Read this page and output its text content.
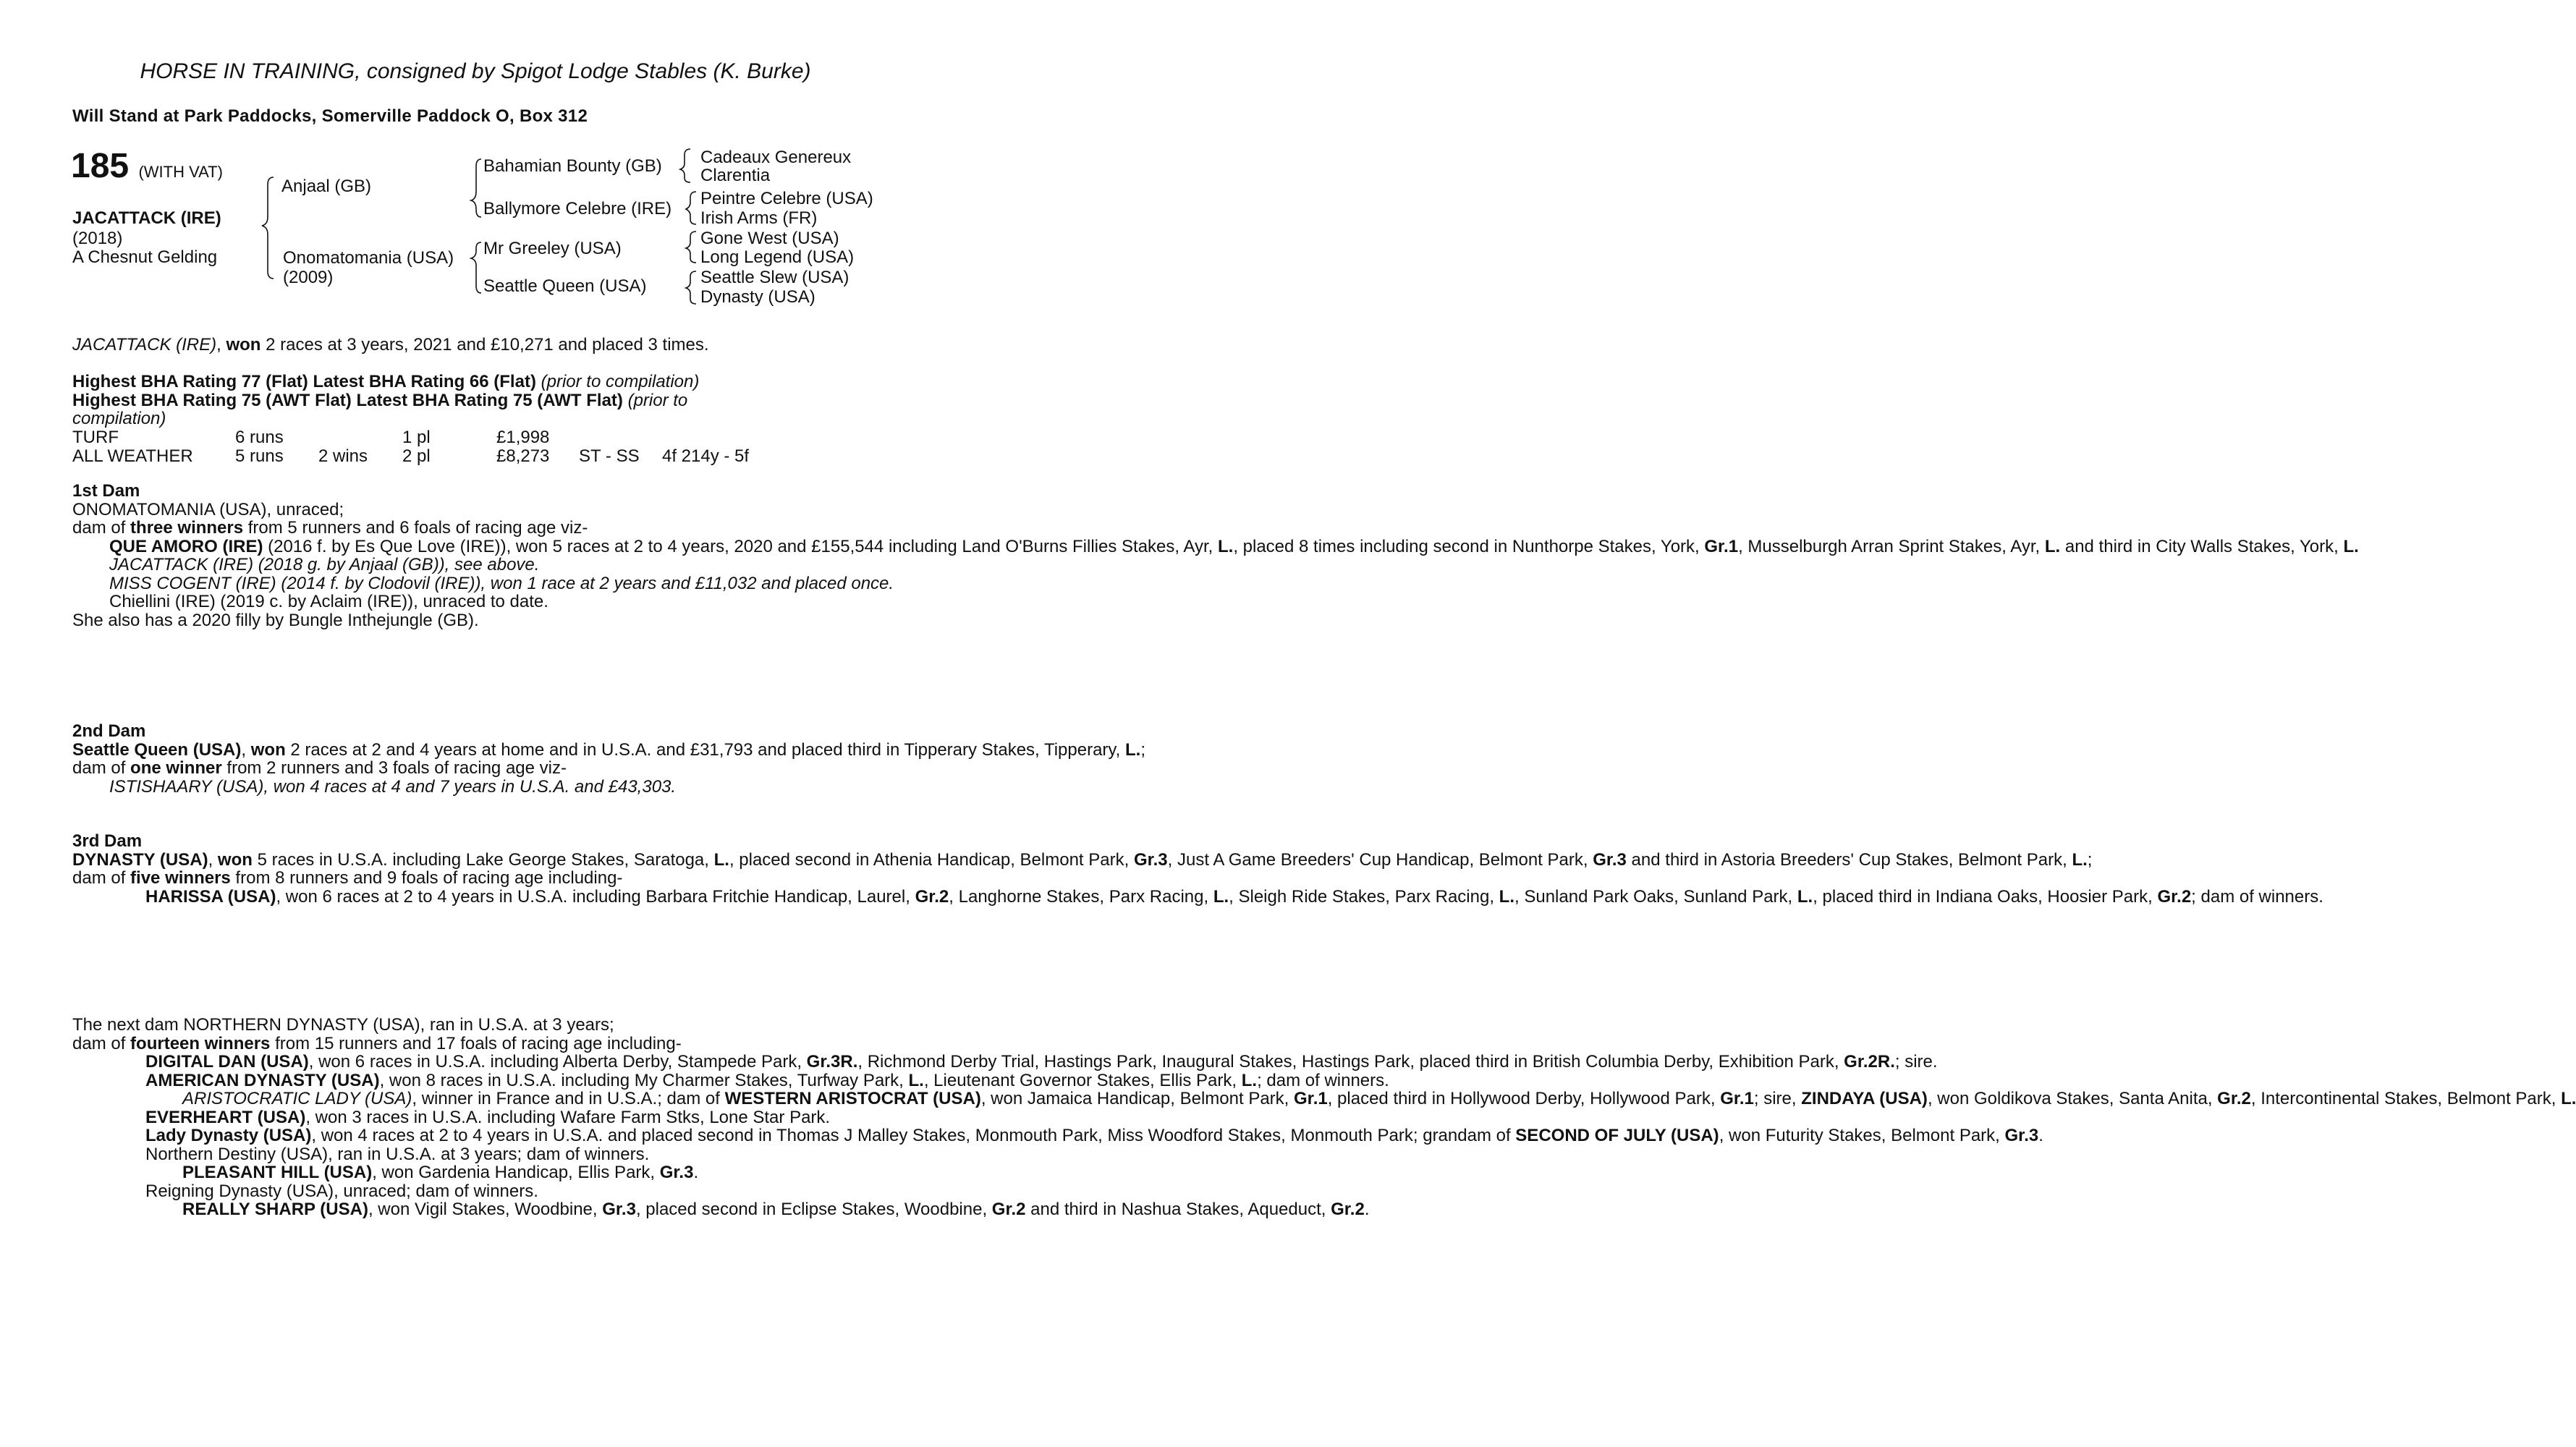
HORSE IN TRAINING, consigned by Spigot Lodge Stables (K. Burke)
Will Stand at Park Paddocks, Somerville Paddock O, Box 312
185 (WITH VAT)
JACATTACK (IRE)
(2018)
A Chesnut Gelding
Anjaal (GB)
Onomatomania (USA)
(2009)
Bahamian Bounty (GB)
Ballymore Celebre (IRE)
Mr Greeley (USA)
Seattle Queen (USA)
Cadeaux Genereux
Clarentia
Peintre Celebre (USA)
Irish Arms (FR)
Gone West (USA)
Long Legend (USA)
Seattle Slew (USA)
Dynasty (USA)
JACATTACK (IRE), won 2 races at 3 years, 2021 and £10,271 and placed 3 times.

Highest BHA Rating 77 (Flat) Latest BHA Rating 66 (Flat) (prior to compilation)

Highest BHA Rating 75 (AWT Flat) Latest BHA Rating 75 (AWT Flat) (prior to

compilation)

TURF	6 runs	1 pl	£1,998
ALL WEATHER 5 runs 2 wins 2 pl	£8,273 ST - SS 4f 214y - 5f

1st Dam

ONOMATOMANIA (USA), unraced;

dam of three winners from 5 runners and 6 foals of racing age viz-

QUE AMORO (IRE) (2016 f. by Es Que Love (IRE)), won 5 races at 2 to 4 years, 2020 and £155,544 including Land O'Burns Fillies Stakes, Ayr, L., placed 8 times including second in Nunthorpe Stakes, York, Gr.1, Musselburgh Arran Sprint Stakes, Ayr, L. and third in City Walls Stakes, York, L.

JACATTACK (IRE) (2018 g. by Anjaal (GB)), see above.

MISS COGENT (IRE) (2014 f. by Clodovil (IRE)), won 1 race at 2 years and £11,032 and placed once.

Chiellini (IRE) (2019 c. by Aclaim (IRE)), unraced to date.

She also has a 2020 filly by Bungle Inthejungle (GB).

2nd Dam

Seattle Queen (USA), won 2 races at 2 and 4 years at home and in U.S.A. and £31,793 and placed third in Tipperary Stakes, Tipperary, L.;

dam of one winner from 2 runners and 3 foals of racing age viz-

ISTISHAARY (USA), won 4 races at 4 and 7 years in U.S.A. and £43,303.

3rd Dam

DYNASTY (USA), won 5 races in U.S.A. including Lake George Stakes, Saratoga, L., placed second in Athenia Handicap, Belmont Park, Gr.3, Just A Game Breeders' Cup Handicap, Belmont Park, Gr.3 and third in Astoria Breeders' Cup Stakes, Belmont Park, L.;

dam of five winners from 8 runners and 9 foals of racing age including-

HARISSA (USA), won 6 races at 2 to 4 years in U.S.A. including Barbara Fritchie Handicap, Laurel, Gr.2, Langhorne Stakes, Parx Racing, L., Sleigh Ride Stakes, Parx Racing, L., Sunland Park Oaks, Sunland Park, L., placed third in Indiana Oaks, Hoosier Park, Gr.2; dam of winners.

The next dam NORTHERN DYNASTY (USA), ran in U.S.A. at 3 years;

dam of fourteen winners from 15 runners and 17 foals of racing age including-

DIGITAL DAN (USA), won 6 races in U.S.A. including Alberta Derby, Stampede Park, Gr.3R., Richmond Derby Trial, Hastings Park, Inaugural Stakes, Hastings Park, placed third in British Columbia Derby, Exhibition Park, Gr.2R.; sire.

AMERICAN DYNASTY (USA), won 8 races in U.S.A. including My Charmer Stakes, Turfway Park, L., Lieutenant Governor Stakes, Ellis Park, L.; dam of winners.

ARISTOCRATIC LADY (USA), winner in France and in U.S.A.; dam of WESTERN ARISTOCRAT (USA), won Jamaica Handicap, Belmont Park, Gr.1, placed third in Hollywood Derby, Hollywood Park, Gr.1; sire, ZINDAYA (USA), won Goldikova Stakes, Santa Anita, Gr.2, Intercontinental Stakes, Belmont Park, L.

EVERHEART (USA), won 3 races in U.S.A. including Wafare Farm Stks, Lone Star Park.

Lady Dynasty (USA), won 4 races at 2 to 4 years in U.S.A. and placed second in Thomas J Malley Stakes, Monmouth Park, Miss Woodford Stakes, Monmouth Park; grandam of SECOND OF JULY (USA), won Futurity Stakes, Belmont Park, Gr.3.

Northern Destiny (USA), ran in U.S.A. at 3 years; dam of winners.

PLEASANT HILL (USA), won Gardenia Handicap, Ellis Park, Gr.3.

Reigning Dynasty (USA), unraced; dam of winners.

REALLY SHARP (USA), won Vigil Stakes, Woodbine, Gr.3, placed second in Eclipse Stakes, Woodbine, Gr.2 and third in Nashua Stakes, Aqueduct, Gr.2.
